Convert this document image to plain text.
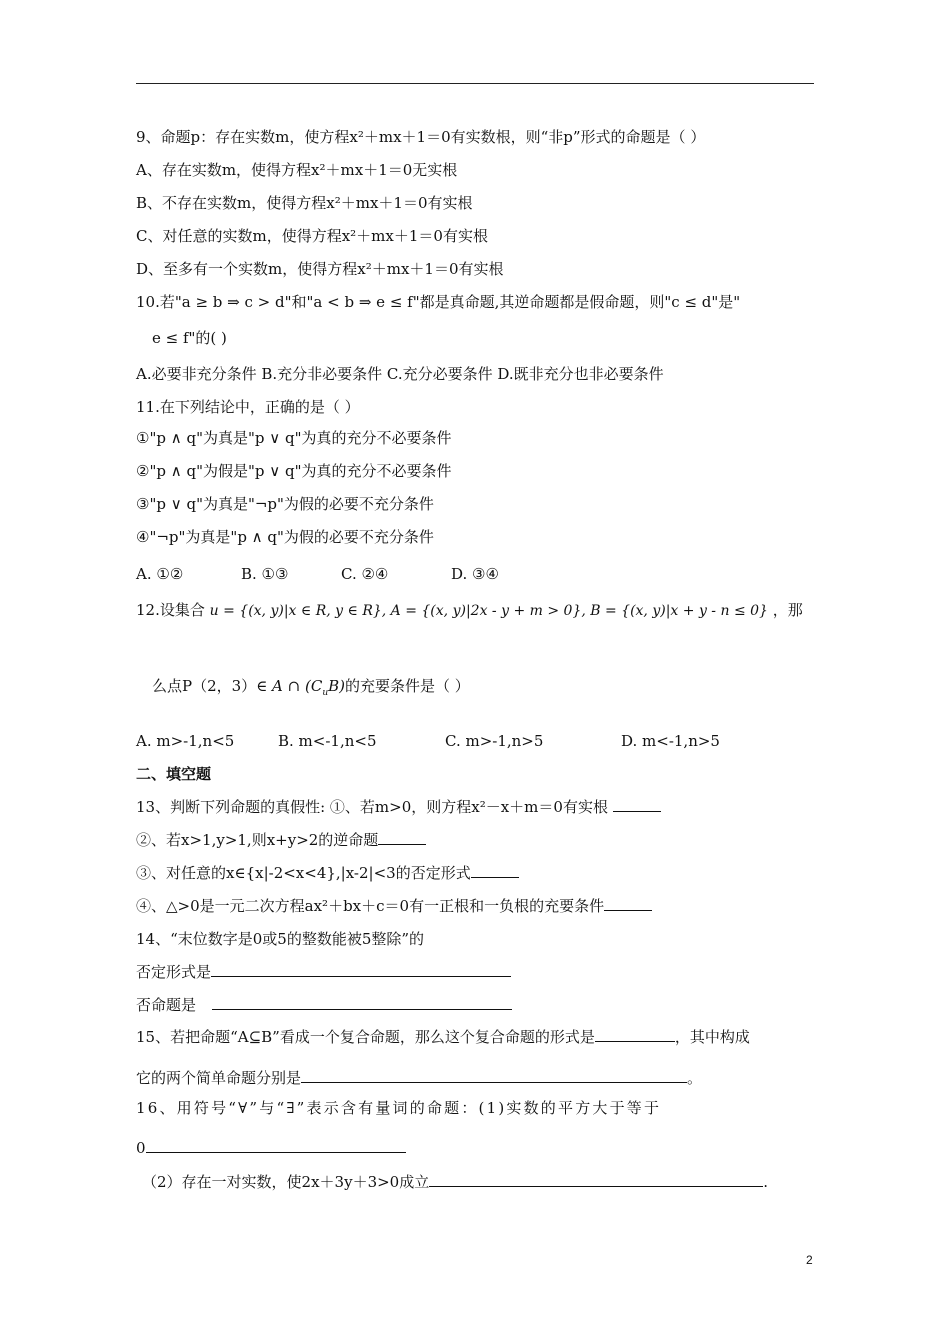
9、命题p：存在实数m，使方程x²＋mx＋1＝0有实数根，则“非p”形式的命题是（ ）
A、存在实数m，使得方程x²＋mx＋1＝0无实根
B、不存在实数m，使得方程x²＋mx＋1＝0有实根
C、对任意的实数m，使得方程x²＋mx＋1＝0有实根
D、至多有一个实数m，使得方程x²＋mx＋1＝0有实根
10.若"a ≥ b ⇒ c > d"和"a < b ⇒ e ≤ f"都是真命题,其逆命题都是假命题，则"c ≤ d"是"
e ≤ f"的( )
A.必要非充分条件 B.充分非必要条件 C.充分必要条件 D.既非充分也非必要条件
11.在下列结论中，正确的是（ ）
①"p ∧ q"为真是"p ∨ q"为真的充分不必要条件
②"p ∧ q"为假是"p ∨ q"为真的充分不必要条件
③"p ∨ q"为真是"¬p"为假的必要不充分条件
④"¬p"为真是"p ∧ q"为假的必要不充分条件
A. ①②	B. ①③	C. ②④	D. ③④
12.设集合 u = {(x, y)|x ∈ R, y ∈ R}, A = {(x, y)|2x - y + m > 0}, B = {(x, y)|x + y - n ≤ 0} ，那
么点P（2，3）∈ A ∩ $(C_uB)$的充要条件是（ ）
A. m>-1,n<5	B. m<-1,n<5	C. m>-1,n>5	D. m<-1,n>5
二、填空题
13、判断下列命题的真假性: ①、若m>0，则方程x²－x＋m＝0有实根
②、若x>1,y>1,则x+y>2的逆命题
③、对任意的x∈{x|-2<x<4},|x-2|<3的否定形式
④、△>0是一元二次方程ax²＋bx＋c＝0有一正根和一负根的充要条件
14、“末位数字是0或5的整数能被5整除”的
否定形式是
否命题是
15、若把命题“A⊆B”看成一个复合命题，那么这个复合命题的形式是	，其中构成
它的两个简单命题分别是	。
16、用符号“∀”与“∃”表示含有量词的命题：(1)实数的平方大于等于
0
（2）存在一对实数，使2x＋3y＋3>0成立	.
2
